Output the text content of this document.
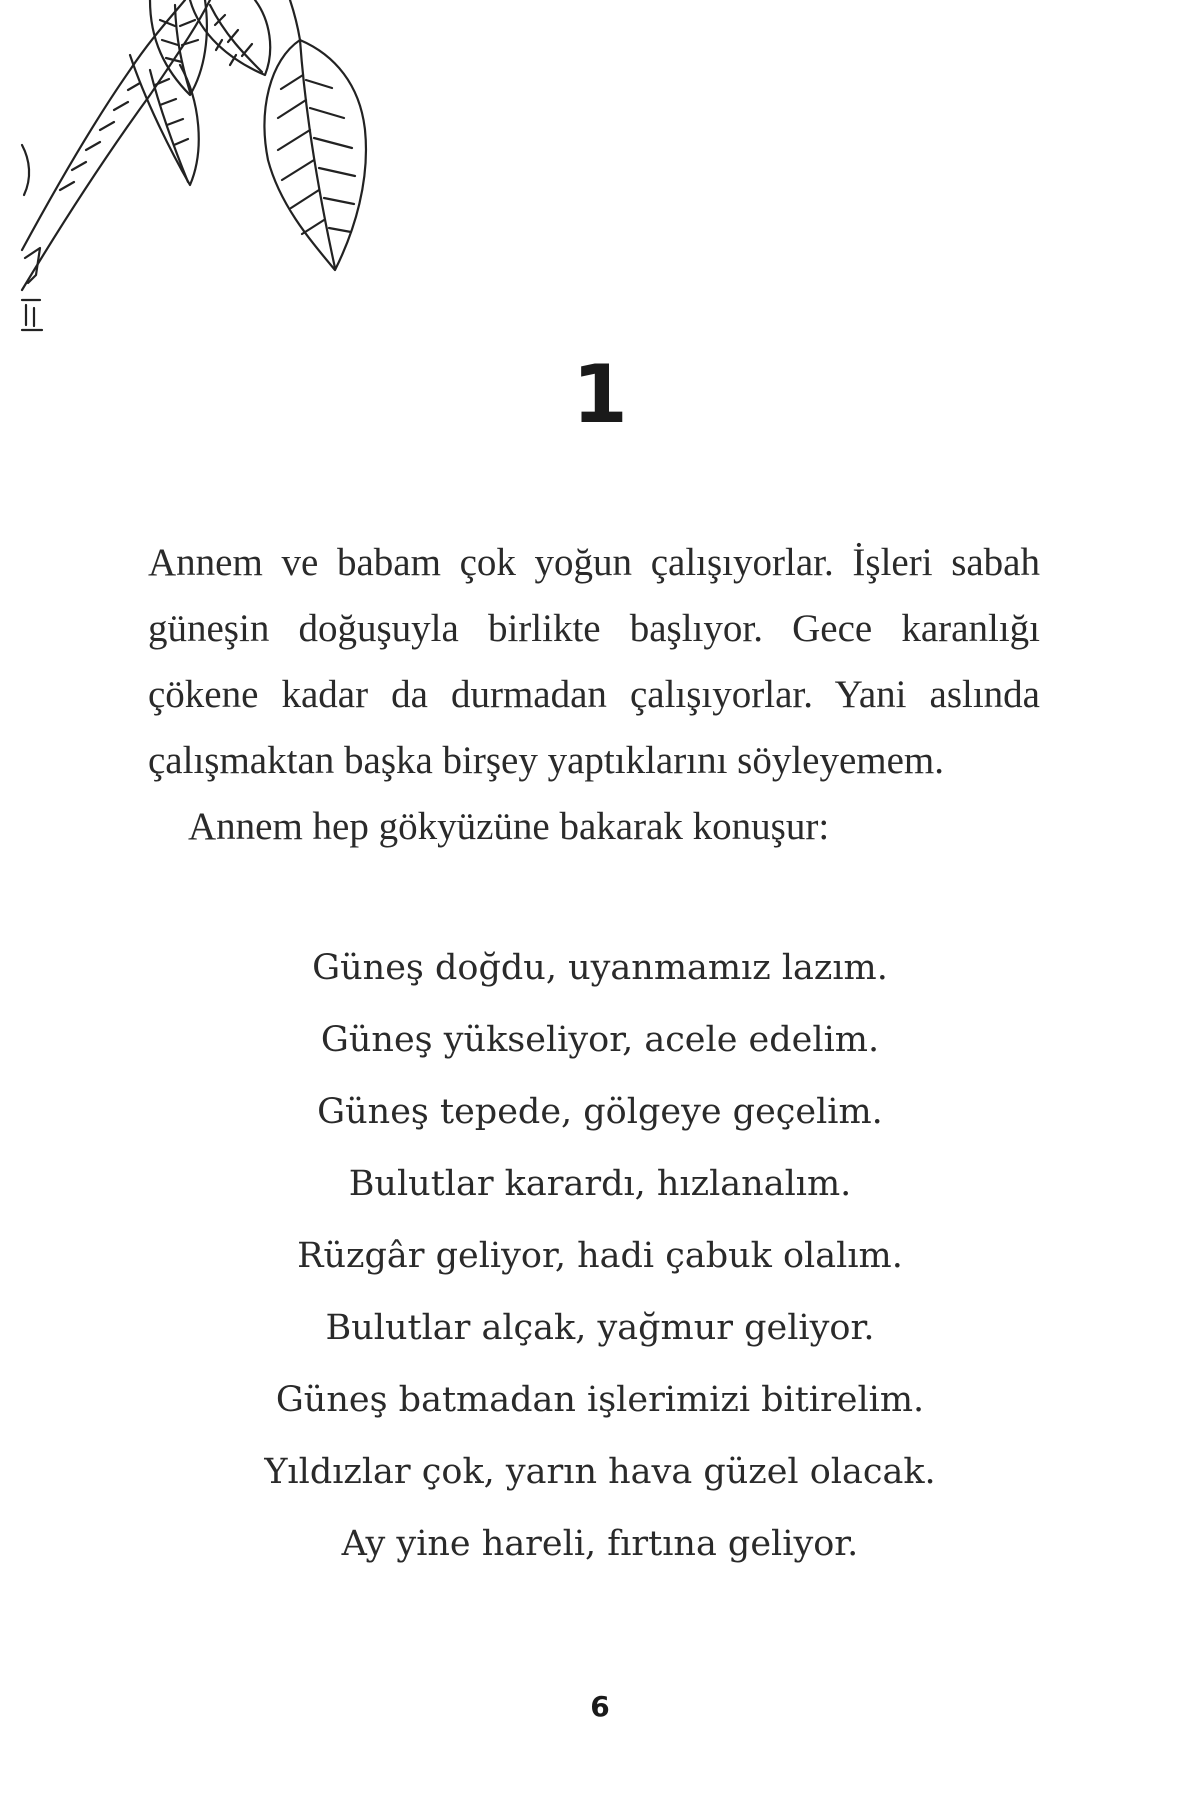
1

Annem ve babam çok yoğun çalışıyorlar. İşleri sabah güneşin doğuşuyla birlikte başlıyor. Gece karanlığı çökene kadar da durmadan çalışıyorlar. Yani aslında çalışmaktan başka birşey yaptıklarını söyleyemem.

Annem hep gökyüzüne bakarak konuşur:

Güneş doğdu, uyanmamız lazım.
Güneş yükseliyor, acele edelim.
Güneş tepede, gölgeye geçelim.
Bulutlar karardı, hızlanalım.
Rüzgâr geliyor, hadi çabuk olalım.
Bulutlar alçak, yağmur geliyor.
Güneş batmadan işlerimizi bitirelim.
Yıldızlar çok, yarın hava güzel olacak.
Ay yine hareli, fırtına geliyor.
6
